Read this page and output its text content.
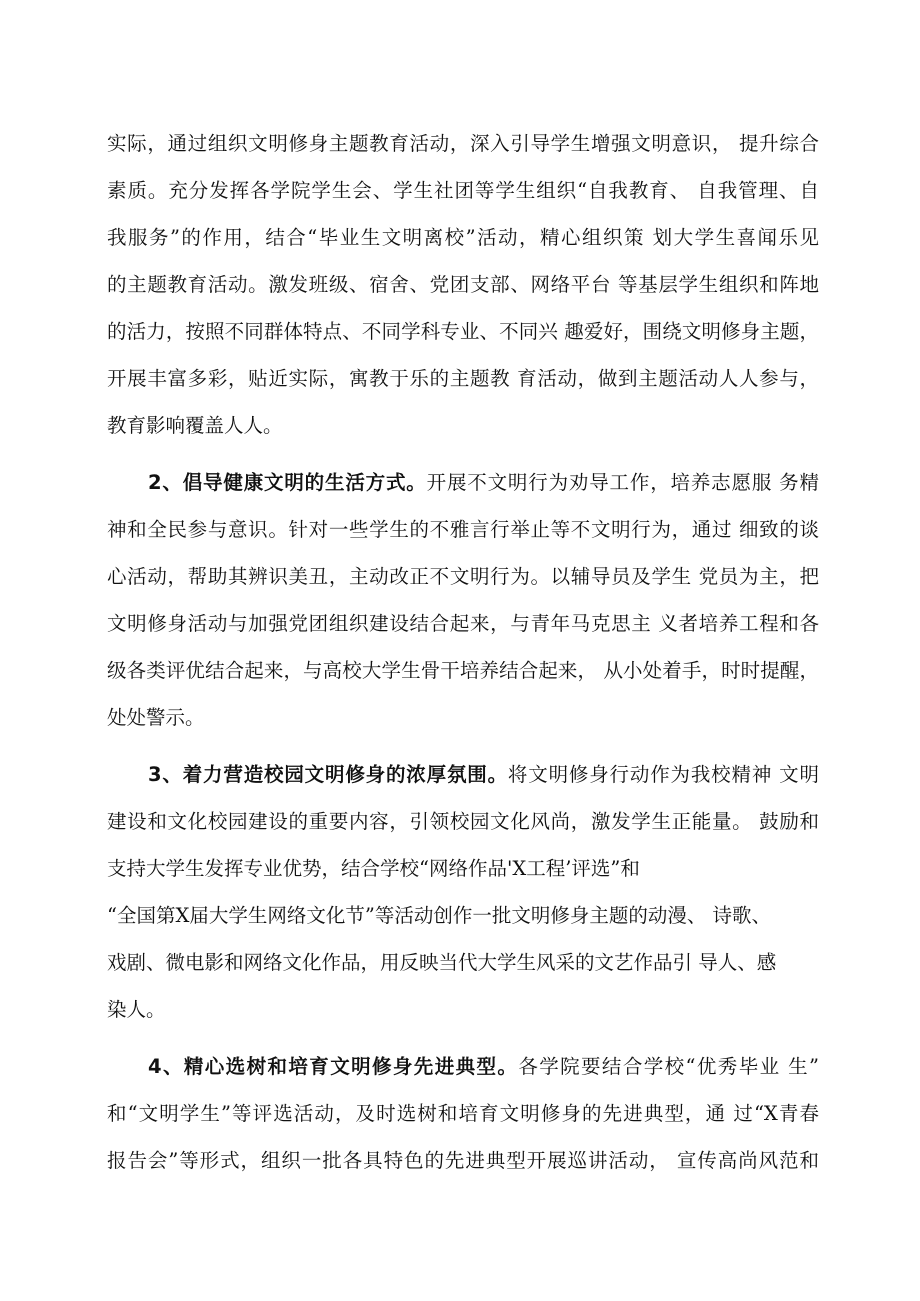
实际，通过组织文明修身主题教育活动，深入引导学生增强文明意识， 提升综合
素质。充分发挥各学院学生会、学生社团等学生组织“自我教育、 自我管理、自
我服务”的作用，结合“毕业生文明离校”活动，精心组织策 划大学生喜闻乐见
的主题教育活动。激发班级、宿舍、党团支部、网络平台 等基层学生组织和阵地
的活力，按照不同群体特点、不同学科专业、不同兴 趣爱好，围绕文明修身主题，
开展丰富多彩，贴近实际，寓教于乐的主题教 育活动，做到主题活动人人参与，
教育影响覆盖人人。
2、倡导健康文明的生活方式。开展不文明行为劝导工作，培养志愿服 务精
神和全民参与意识。针对一些学生的不雅言行举止等不文明行为，通过 细致的谈
心活动，帮助其辨识美丑，主动改正不文明行为。以辅导员及学生 党员为主，把
文明修身活动与加强党团组织建设结合起来，与青年马克思主 义者培养工程和各
级各类评优结合起来，与高校大学生骨干培养结合起来， 从小处着手，时时提醒，
处处警示。
3、着力营造校园文明修身的浓厚氛围。将文明修身行动作为我校精神 文明
建设和文化校园建设的重要内容，引领校园文化风尚，激发学生正能量。 鼓励和
支持大学生发挥专业优势，结合学校“网络作品'X工程’评选”和
“全国第X届大学生网络文化节”等活动创作一批文明修身主题的动漫、 诗歌、
戏剧、微电影和网络文化作品，用反映当代大学生风采的文艺作品引 导人、感
染人。
4、精心选树和培育文明修身先进典型。各学院要结合学校“优秀毕业 生”
和“文明学生”等评选活动，及时选树和培育文明修身的先进典型，通 过“X青春
报告会”等形式，组织一批各具特色的先进典型开展巡讲活动， 宣传高尚风范和
